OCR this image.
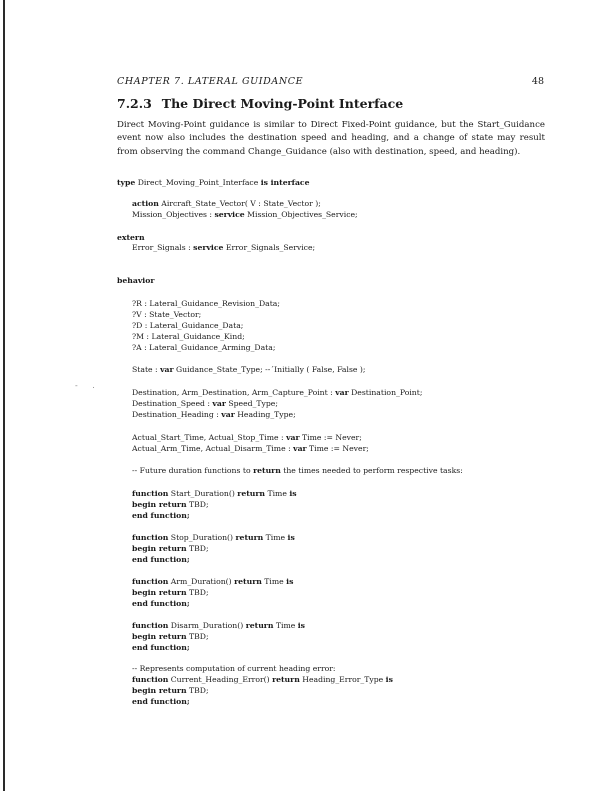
CHAPTER 7. LATERAL GUIDANCE	48
7.2.3 The Direct Moving-Point Interface
Direct Moving-Point guidance is similar to Direct Fixed-Point guidance, but the Start_Guidance event now also includes the destination speed and heading, and a change of state may result from observing the command Change_Guidance (also with destination, speed, and heading).
- .
type Direct_Moving_Point_Interface is interface
action Aircraft_State_Vector( V : State_Vector );
Mission_Objectives : service Mission_Objectives_Service;
extern
Error_Signals : service Error_Signals_Service;
behavior
?R : Lateral_Guidance_Revision_Data;
?V : State_Vector;
?D : Lateral_Guidance_Data;
?M : Lateral_Guidance_Kind;
?A : Lateral_Guidance_Arming_Data;
State : var Guidance_State_Type; --´Initially ( False, False );
Destination, Arm_Destination, Arm_Capture_Point : var Destination_Point;
Destination_Speed : var Speed_Type;
Destination_Heading : var Heading_Type;
Actual_Start_Time, Actual_Stop_Time : var Time := Never;
Actual_Arm_Time, Actual_Disarm_Time : var Time := Never;
-- Future duration functions to return the times needed to perform respective tasks:
function Start_Duration() return Time is
begin return TBD;
end function;
function Stop_Duration() return Time is
begin return TBD;
end function;
function Arm_Duration() return Time is
begin return TBD;
end function;
function Disarm_Duration() return Time is
begin return TBD;
end function;
-- Represents computation of current heading error:
function Current_Heading_Error() return Heading_Error_Type is
begin return TBD;
end function;
